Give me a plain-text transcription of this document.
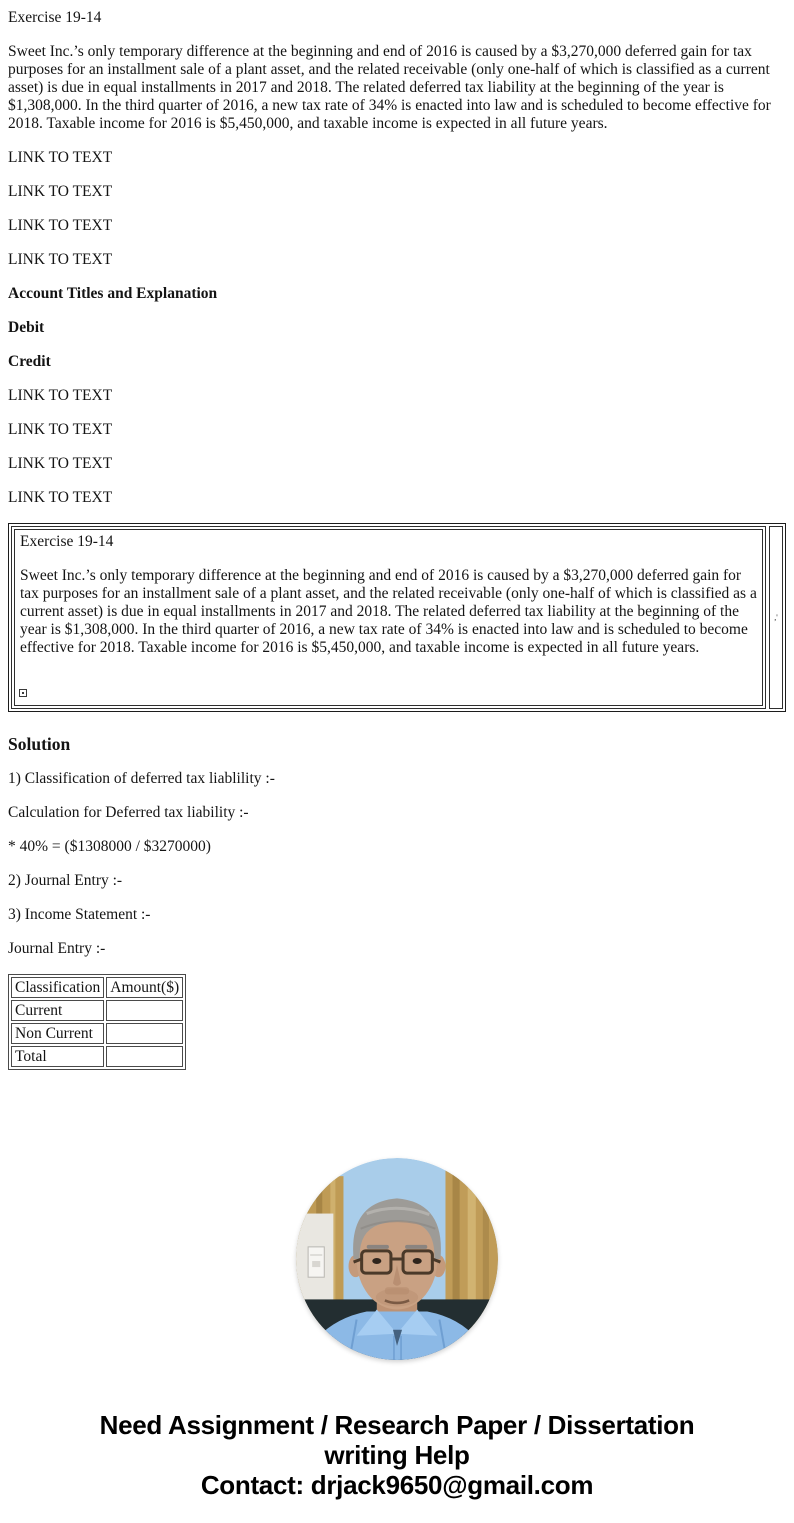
Exercise 19-14

Sweet Inc.’s only temporary difference at the beginning and end of 2016 is caused by a $3,270,000 deferred gain for tax purposes for an installment sale of a plant asset, and the related receivable (only one-half of which is classified as a current asset) is due in equal installments in 2017 and 2018. The related deferred tax liability at the beginning of the year is $1,308,000. In the third quarter of 2016, a new tax rate of 34% is enacted into law and is scheduled to become effective for 2018. Taxable income for 2016 is $5,450,000, and taxable income is expected in all future years.

LINK TO TEXT

LINK TO TEXT

LINK TO TEXT

LINK TO TEXT

Account Titles and Explanation

Debit

Credit

LINK TO TEXT

LINK TO TEXT

LINK TO TEXT

LINK TO TEXT

Exercise 19-14

Sweet Inc.’s only temporary difference at the beginning and end of 2016 is caused by a $3,270,000 deferred gain for tax purposes for an installment sale of a plant asset, and the related receivable (only one-half of which is classified as a current asset) is due in equal installments in 2017 and 2018. The related deferred tax liability at the beginning of the year is $1,308,000. In the third quarter of 2016, a new tax rate of 34% is enacted into law and is scheduled to become effective for 2018. Taxable income for 2016 is $5,450,000, and taxable income is expected in all future years.

,'
Solution

1) Classification of deferred tax liablility :-

Calculation for Deferred tax liability :-

* 40% = ($1308000 / $3270000)

2) Journal Entry :-

3) Income Statement :-

Journal Entry :-

Classification	Amount($)
Current	
Non Current	
Total	
Need Assignment / Research Paper / Dissertation
writing Help
Contact: drjack9650@gmail.com
